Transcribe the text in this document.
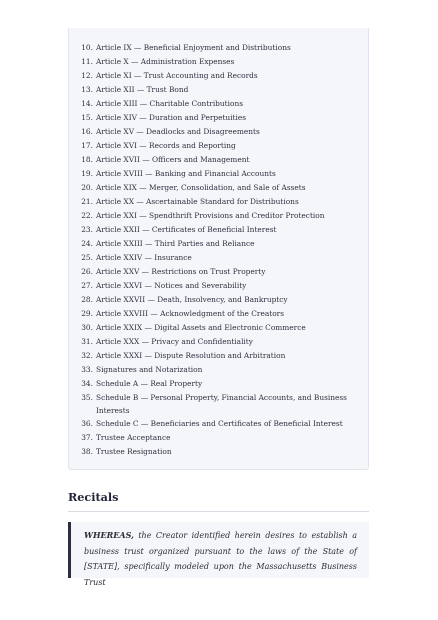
10. Article IX — Beneficial Enjoyment and Distributions
11. Article X — Administration Expenses
12. Article XI — Trust Accounting and Records
13. Article XII — Trust Bond
14. Article XIII — Charitable Contributions
15. Article XIV — Duration and Perpetuities
16. Article XV — Deadlocks and Disagreements
17. Article XVI — Records and Reporting
18. Article XVII — Officers and Management
19. Article XVIII — Banking and Financial Accounts
20. Article XIX — Merger, Consolidation, and Sale of Assets
21. Article XX — Ascertainable Standard for Distributions
22. Article XXI — Spendthrift Provisions and Creditor Protection
23. Article XXII — Certificates of Beneficial Interest
24. Article XXIII — Third Parties and Reliance
25. Article XXIV — Insurance
26. Article XXV — Restrictions on Trust Property
27. Article XXVI — Notices and Severability
28. Article XXVII — Death, Insolvency, and Bankruptcy
29. Article XXVIII — Acknowledgment of the Creators
30. Article XXIX — Digital Assets and Electronic Commerce
31. Article XXX — Privacy and Confidentiality
32. Article XXXI — Dispute Resolution and Arbitration
33. Signatures and Notarization
34. Schedule A — Real Property
35. Schedule B — Personal Property, Financial Accounts, and Business Interests
36. Schedule C — Beneficiaries and Certificates of Beneficial Interest
37. Trustee Acceptance
38. Trustee Resignation
Recitals

WHEREAS, the Creator identified herein desires to establish a business trust organized pursuant to the laws of the State of [STATE], specifically modeled upon the Massachusetts Business Trust
